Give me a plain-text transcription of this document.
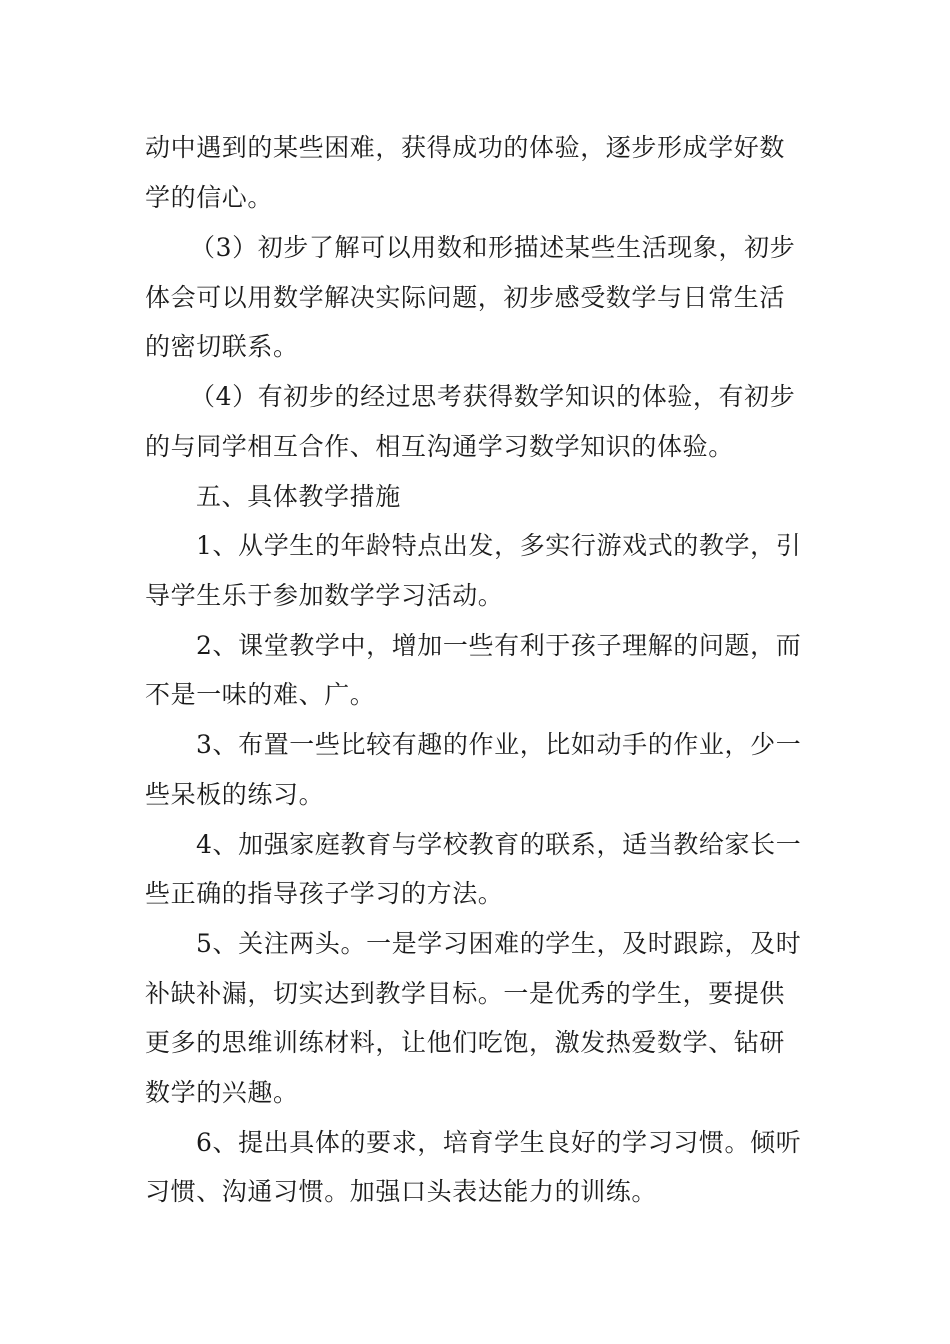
动中遇到的某些困难，获得成功的体验，逐步形成学好数
学的信心。
（3）初步了解可以用数和形描述某些生活现象，初步
体会可以用数学解决实际问题，初步感受数学与日常生活
的密切联系。
（4）有初步的经过思考获得数学知识的体验，有初步
的与同学相互合作、相互沟通学习数学知识的体验。
五、具体教学措施
1、从学生的年龄特点出发，多实行游戏式的教学，引
导学生乐于参加数学学习活动。
2、课堂教学中，增加一些有利于孩子理解的问题，而
不是一味的难、广。
3、布置一些比较有趣的作业，比如动手的作业，少一
些呆板的练习。
4、加强家庭教育与学校教育的联系，适当教给家长一
些正确的指导孩子学习的方法。
5、关注两头。一是学习困难的学生，及时跟踪，及时
补缺补漏，切实达到教学目标。一是优秀的学生，要提供
更多的思维训练材料，让他们吃饱，激发热爱数学、钻研
数学的兴趣。
6、提出具体的要求，培育学生良好的学习习惯。倾听
习惯、沟通习惯。加强口头表达能力的训练。
